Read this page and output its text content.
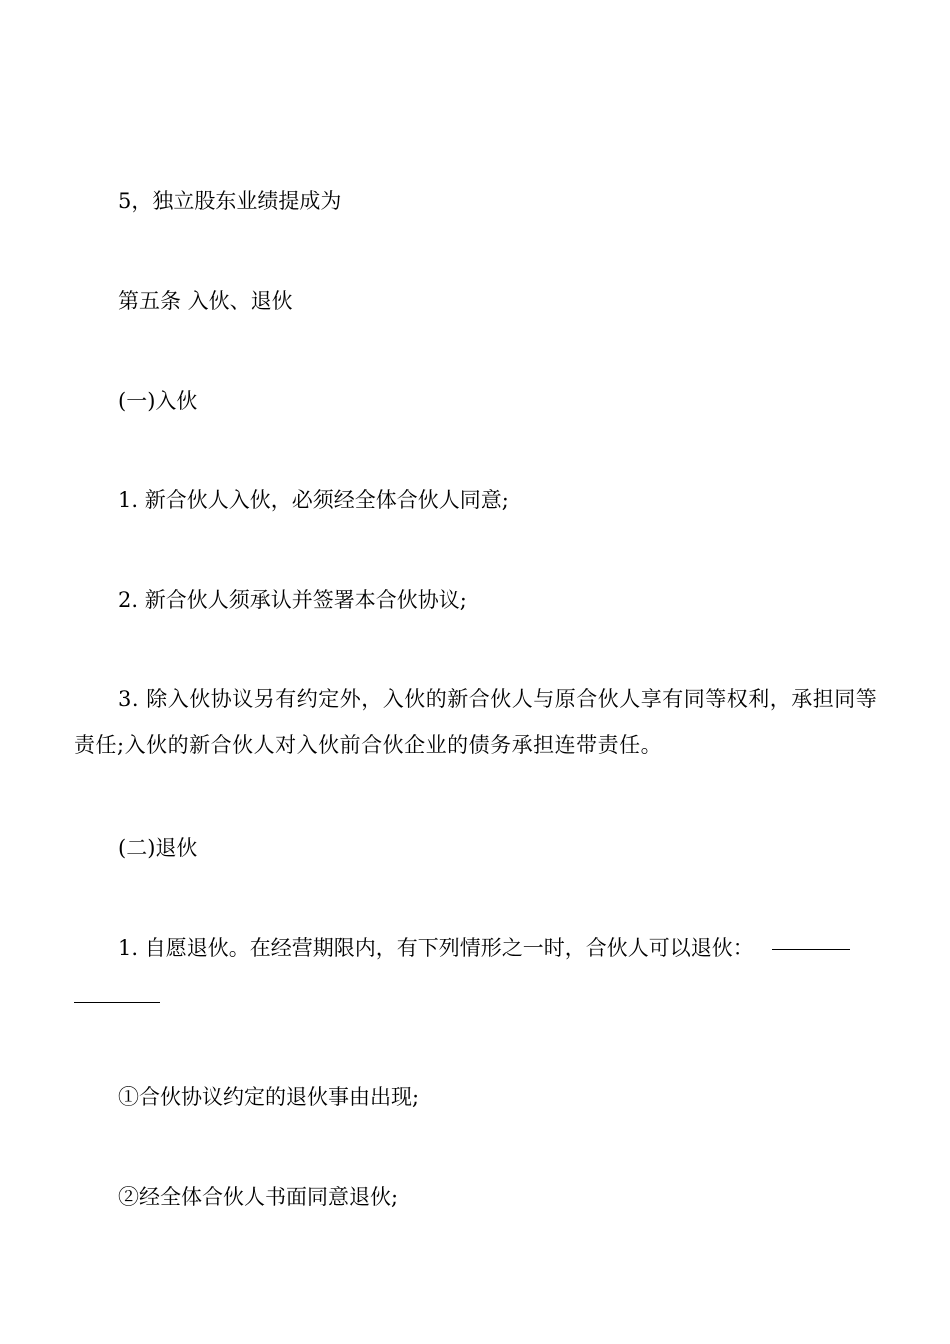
5，独立股东业绩提成为

第五条 入伙、退伙

(一)入伙

1. 新合伙人入伙，必须经全体合伙人同意;

2. 新合伙人须承认并签署本合伙协议;

3. 除入伙协议另有约定外，入伙的新合伙人与原合伙人享有同等权利，承担同等责任;入伙的新合伙人对入伙前合伙企业的债务承担连带责任。

(二)退伙

1. 自愿退伙。在经营期限内，有下列情形之一时，合伙人可以退伙：

①合伙协议约定的退伙事由出现;

②经全体合伙人书面同意退伙;
